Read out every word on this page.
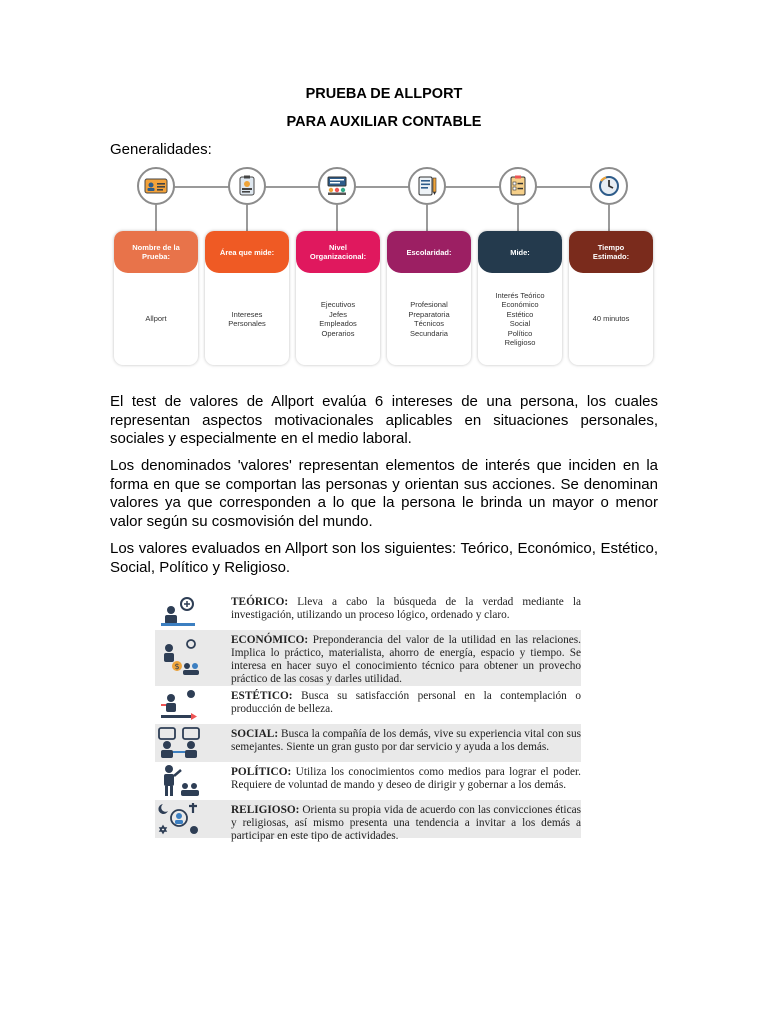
PRUEBA DE ALLPORT
PARA AUXILIAR CONTABLE
Generalidades:
Nombre de la
Prueba:
Allport
Área que mide:
Intereses
Personales
Nivel
Organizacional:
Ejecutivos
Jefes
Empleados
Operarios
Escolaridad:
Profesional
Preparatoria
Técnicos
Secundaria
Mide:
Interés Teórico
Económico
Estético
Social
Político
Religioso
Tiempo
Estimado:
40 minutos
El test de valores de Allport evalúa 6 intereses de una persona, los cuales representan aspectos motivacionales aplicables en situaciones personales, sociales y especialmente en el medio laboral.
Los denominados 'valores' representan elementos de interés que inciden en la forma en que se comportan las personas y orientan sus acciones. Se denominan valores ya que corresponden a lo que la persona le brinda un mayor o menor valor según su cosmovisión del mundo.
Los valores evaluados en Allport son los siguientes: Teórico, Económico, Estético, Social, Político y Religioso.
TEÓRICO: Lleva a cabo la búsqueda de la verdad mediante la investigación, utilizando un proceso lógico, ordenado y claro.
$
ECONÓMICO: Preponderancia del valor de la utilidad en las relaciones. Implica lo práctico, materialista, ahorro de energía, espacio y tiempo. Se interesa en hacer suyo el conocimiento técnico para obtener un provecho práctico de las cosas y darles utilidad.
ESTÉTICO: Busca su satisfacción personal en la contemplación o producción de belleza.
SOCIAL: Busca la compañía de los demás, vive su experiencia vital con sus semejantes. Siente un gran gusto por dar servicio y ayuda a los demás.
POLÍTICO: Utiliza los conocimientos como medios para lograr el poder. Requiere de voluntad de mando y deseo de dirigir y gobernar a los demás.
RELIGIOSO: Orienta su propia vida de acuerdo con las convicciones éticas y religiosas, así mismo presenta una tendencia a invitar a los demás a participar en este tipo de actividades.
